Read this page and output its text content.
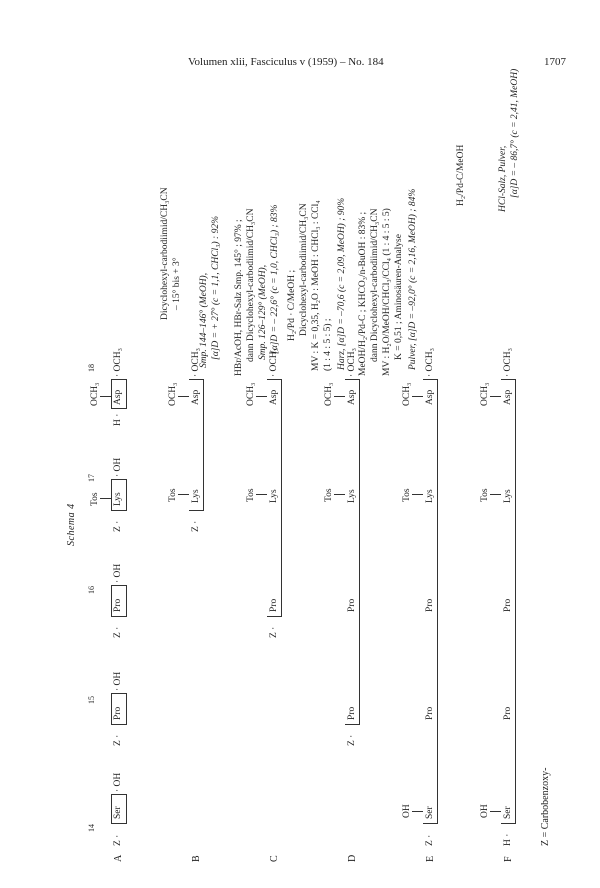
Volumen xlii, Fasciculus v (1959) – No. 184	1707
Schema 4
14
15
16
17
18
A
Z ·
Ser
· OH
Z ·
Pro
· OH
Z ·
Pro
· OH
Z ·
Tos Lys
· OH
H ·
OCH₃ Asp
· OCH₃
B
Z ·
Tos Lys
OCH₃ Asp
· OCH₃
C
Z ·
Pro
Tos Lys
OCH₃ Asp
· OCH₃
D
Z ·
Pro
Pro
Tos Lys
OCH₃ Asp
· OCH₃
E
Z ·
OH Ser
Pro
Pro
Tos Lys
OCH₃ Asp
· OCH₃
F
H ·
OH Ser
Pro
Pro
Tos Lys
OCH₃ Asp
· OCH₃
Dicyclohexyl-carbodiimid/CH₃CN – 15° bis + 3° Smp. 144–146° (MeOH), [α]D = + 27° (c = 1,1, CHCl₃) : 92% HBr/AcOH, HBr-Salz Smp. 145° ; 97% ; dann Dicyclohexyl-carbodiimid/CH₃CN Smp. 126–129° (MeOH), [α]D = – 22,6° (c = 1,0, CHCl₃) ; 83% H₂/Pd · C/MeOH ; Dicyclohexyl-carbodiimid/CH₃CN MV : K = 0,35, H₂O : MeOH : CHCl₃ : CCl₄ (1 : 4 : 5 : 5) ; Harz, [α]D = –70,6 (c = 2,09, MeOH) ; 90% MeOH/H₂/Pd-C ; KHCO₃/n-BuOH : 83% ; dann Dicyclohexyl-carbodiimid/CH₃CN MV : H₂O/MeOH/CHCl₃/CCl₄ (1 : 4 : 5 : 5) K = 0,51 ; Aminosäuren-Analyse Pulver, [α]D = –92,0° (c = 2,16, MeOH) ; 84%
H₂/Pd-C/MeOH	HCl-Salz, Pulver, [α]D = – 86,7° (c = 2,41, MeOH)
Z = Carbobenzoxy-
